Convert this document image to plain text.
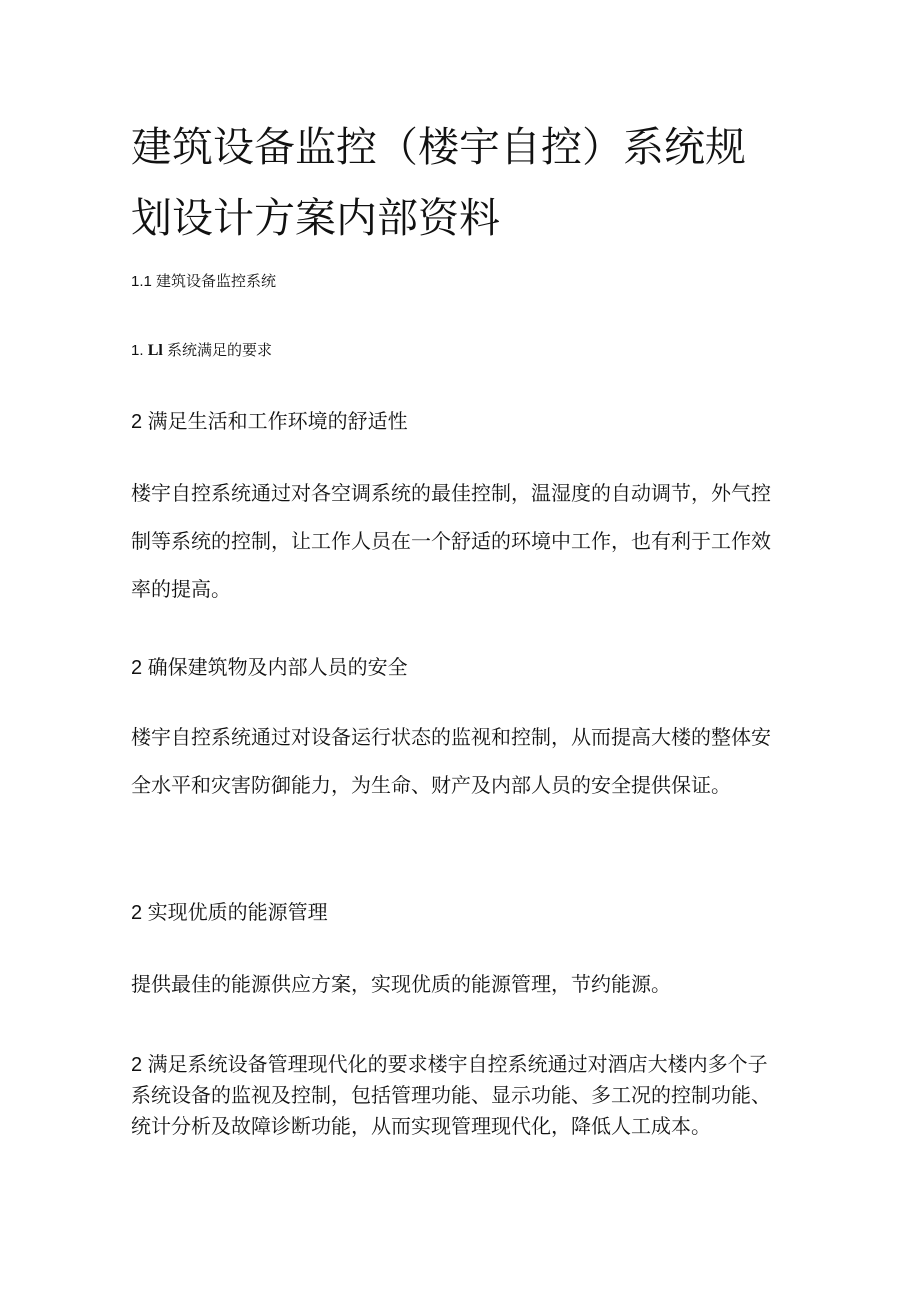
建筑设备监控（楼宇自控）系统规
划设计方案内部资料

1.1 建筑设备监控系统

1. Ll 系统满足的要求

2 满足生活和工作环境的舒适性

楼宇自控系统通过对各空调系统的最佳控制，温湿度的自动调节，外气控制等系统的控制，让工作人员在一个舒适的环境中工作，也有利于工作效率的提高。

2 确保建筑物及内部人员的安全

楼宇自控系统通过对设备运行状态的监视和控制，从而提高大楼的整体安全水平和灾害防御能力，为生命、财产及内部人员的安全提供保证。

2 实现优质的能源管理

提供最佳的能源供应方案，实现优质的能源管理，节约能源。

2 满足系统设备管理现代化的要求楼宇自控系统通过对酒店大楼内多个子系统设备的监视及控制，包括管理功能、显示功能、多工况的控制功能、统计分析及故障诊断功能，从而实现管理现代化，降低人工成本。
